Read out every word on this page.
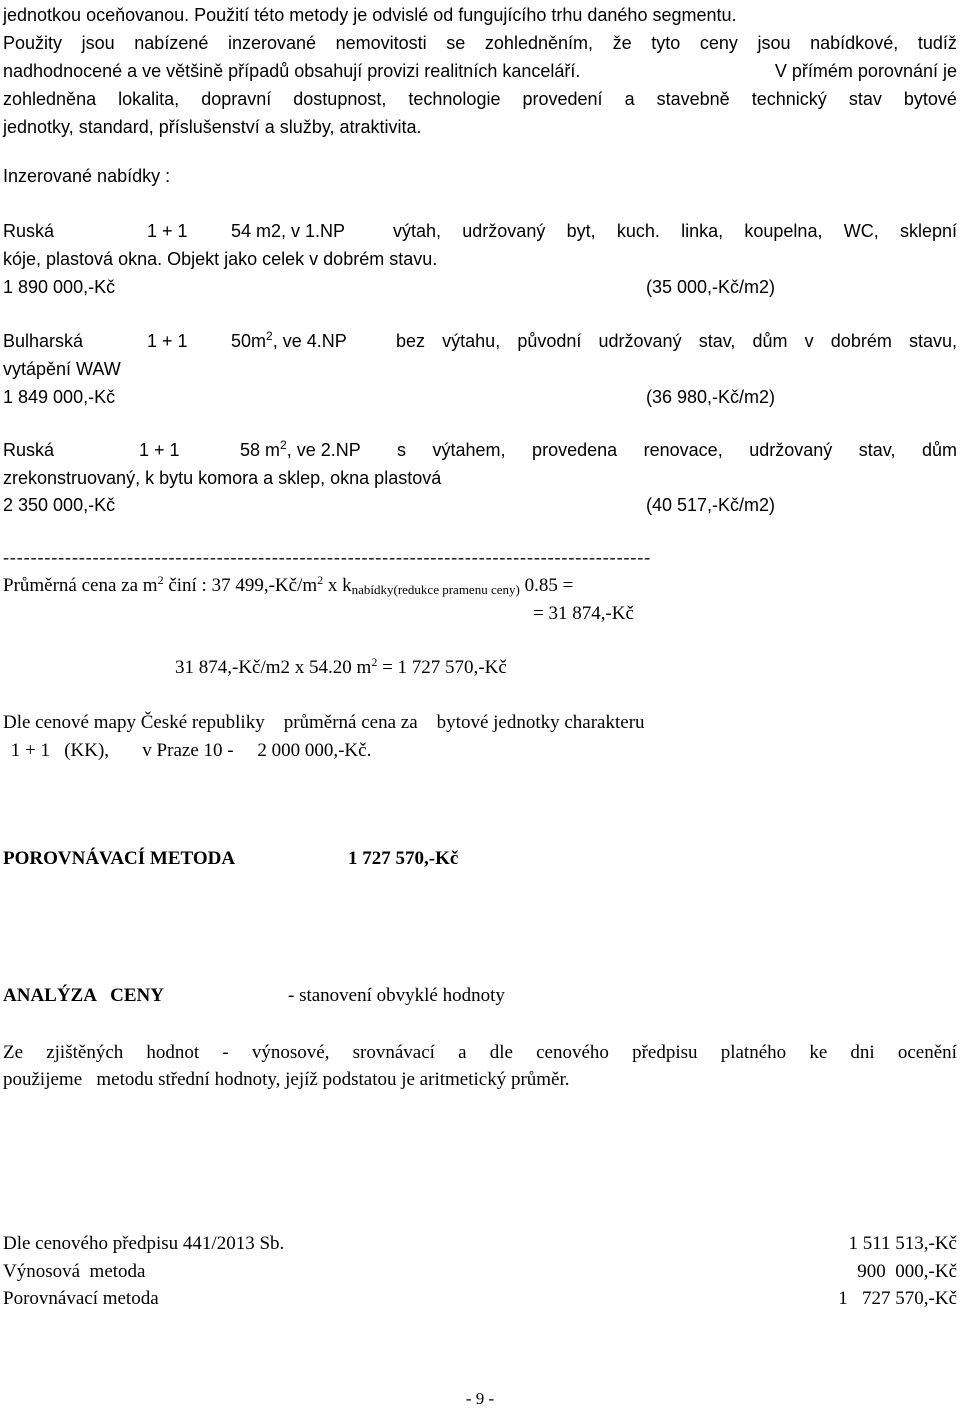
jednotkou oceňovanou. Použití této metody je odvislé od fungujícího trhu daného segmentu.
Použity jsou nabízené inzerované nemovitosti se zohledněním, že tyto ceny jsou nabídkové, tudíž
nadhodnocené a ve většině případů obsahují provizi realitních kanceláří.	V přímém porovnání je
zohledněna lokalita, dopravní dostupnost, technologie provedení a stavebně technický stav bytové
jednotky, standard, příslušenství a služby, atraktivita.
Inzerované nabídky :
Ruská	1 + 1 54 m2, v 1.NP	výtah, udržovaný byt, kuch. linka, koupelna, WC, sklepní
kóje, plastová okna. Objekt jako celek v dobrém stavu.
1 890 000,-Kč	(35 000,-Kč/m2)
Bulharská	1 + 1 $50m^2$, ve 4.NP	bez výtahu, původní udržovaný stav, dům v dobrém stavu,
vytápění WAW
1 849 000,-Kč	(36 980,-Kč/m2)
Ruská	1 + 1	58 $m^2$, ve 2.NP s výtahem, provedena renovace, udržovaný stav, dům
zrekonstruovaný, k bytu komora a sklep, okna plastová
2 350 000,-Kč	(40 517,-Kč/m2)
----------------------------------------------------------------------------------------------
Průměrná cena za $m^2$ činí : 37 $499,-Kč/m^2$ x $k_{nabídky(redukce pramenu ceny)}$ 0.85 =
= 31 874,-Kč
31 874,-Kč/m2 x 54.20 $m^2 = 1$ 727 570,-Kč
Dle cenové mapy České republiky    průměrná cena za    bytové jednotky charakteru
1 + 1   (KK),       v Praze 10 -     2 000 000,-Kč.
POROVNÁVACÍ METODA	1 727 570,-Kč
ANALÝZA   CENY	- stanovení obvyklé hodnoty
Ze zjištěných hodnot - výnosové, srovnávací a dle cenového předpisu platného ke dni ocenění
použijeme   metodu střední hodnoty, jejíž podstatou je aritmetický průměr.
Dle cenového předpisu 441/2013 Sb.	1 511 513,-Kč
Výnosová  metoda	900  000,-Kč
Porovnávací metoda	1   727 570,-Kč
- 9 -
